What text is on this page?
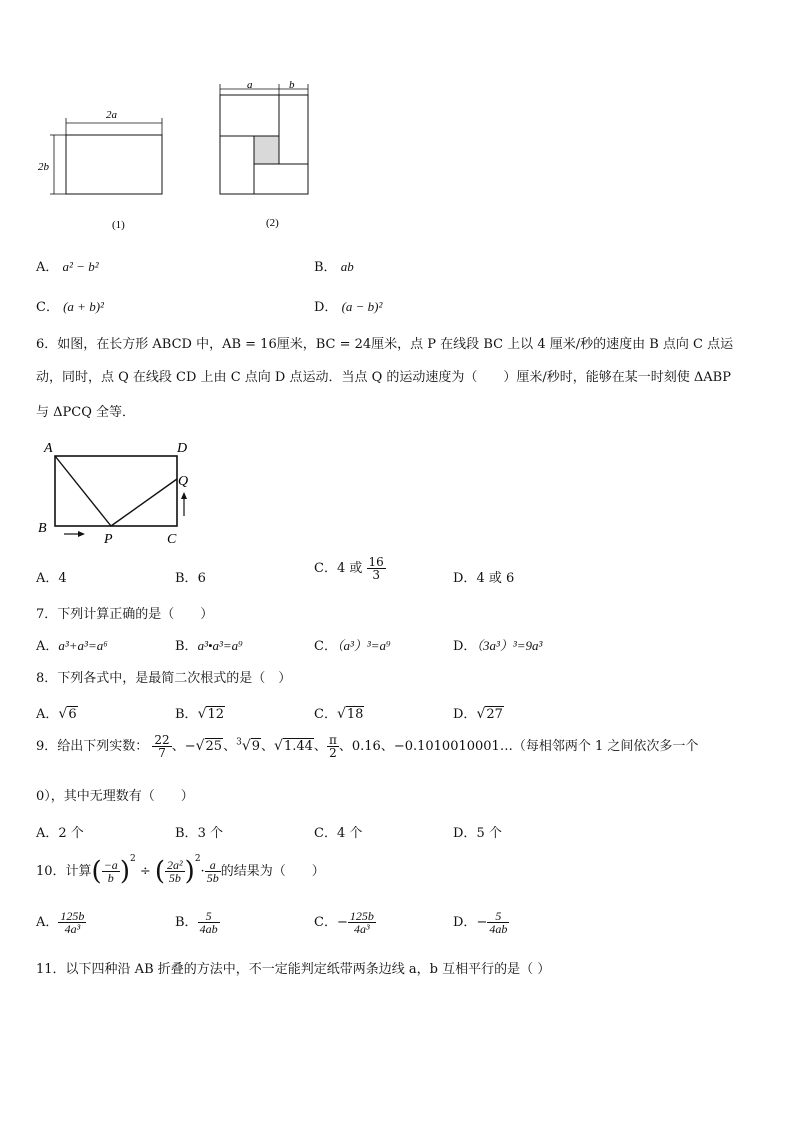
2a
2b
(1)
a	b
(2)
A． a² − b²	B． ab
C． (a + b)²	D． (a − b)²
6．如图，在长方形 ABCD 中，AB = 16厘米，BC = 24厘米，点 P 在线段 BC 上以 4 厘米/秒的速度由 B 点向 C 点运
动，同时，点 Q 在线段 CD 上由 C 点向 D 点运动．当点 Q 的运动速度为（　　）厘米/秒时，能够在某一时刻使 ΔABP
与 ΔPCQ 全等．
A	D
Q
B
P	C
A．4	B．6
C．4 或 $\frac{16}{3}$	D．4 或 6
7．下列计算正确的是（　　）
A．a³+a³=a⁶	B．a³•a³=a⁹	C．（a³）³=a⁹	D．（3a³）³=9a³
8．下列各式中，是最简二次根式的是（　）
A．√6	B．√12	C．√18	D．√27
9．给出下列实数： $\frac{22}{7}$ 、−√25、$^3$√9、√1.44、 $\frac{\pi}{2}$ 、0.16、−0.1010010001…（每相邻两个 1 之间依次多一个
0），其中无理数有（　　）
A．2 个	B．3 个	C．4 个	D．5 个
10．计算( $\frac{-a}{b} )^2$ ÷ ( $\frac{\text{2a²}}{5b} )^2\cdot \frac{a}{5b}$ 的结果为（　　）
A． $\frac{125b}{\text{4a³}}$	B． $\frac{5}{4ab}$	C．− $\frac{125b}{\text{4a³}}$	D．− $\frac{5}{4ab}$
11．以下四种沿 AB 折叠的方法中，不一定能判定纸带两条边线 a，b 互相平行的是（ ）
